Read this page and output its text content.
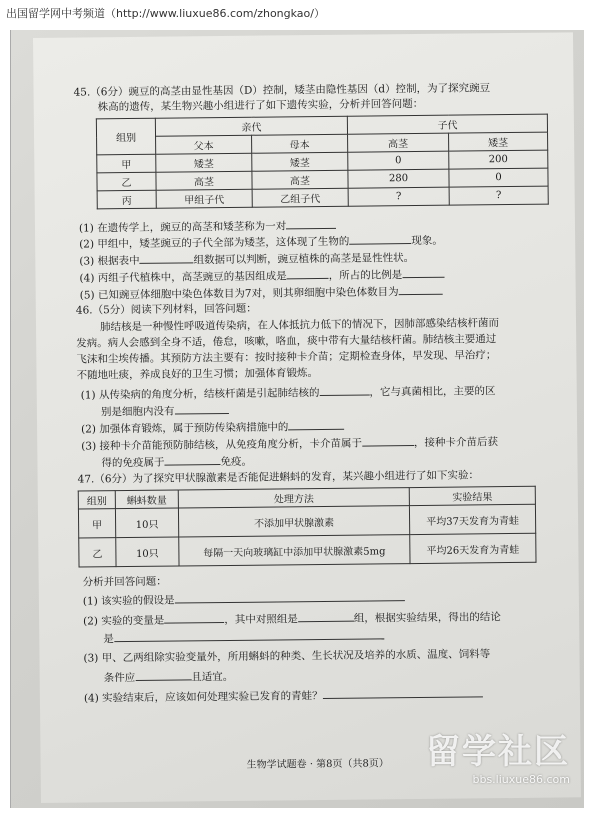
出国留学网中考频道（http://www.liuxue86.com/zhongkao/）
45.（6分）豌豆的高茎由显性基因（D）控制，矮茎由隐性基因（d）控制，为了探究豌豆
株高的遗传，某生物兴趣小组进行了如下遗传实验，分析并回答问题：
组别	亲代		子代	
	父本	母本	高茎	矮茎
甲	矮茎	矮茎	0	200
乙	高茎	高茎	280	0
丙	甲组子代	乙组子代	?	?
(1) 在遗传学上，豌豆的高茎和矮茎称为一对
(2) 甲组中，矮茎豌豆的子代全部为矮茎，这体现了生物的	现象。
(3) 根据表中	组数据可以判断，豌豆植株的高茎是显性性状。
(4) 丙组子代植株中，高茎豌豆的基因组成是	，所占的比例是
(5) 已知豌豆体细胞中染色体数目为7对，则其卵细胞中染色体数目为
46.（5分）阅读下列材料，回答问题：
肺结核是一种慢性呼吸道传染病，在人体抵抗力低下的情况下，因肺部感染结核杆菌而
发病。病人会感到全身不适，倦怠，咳嗽，咯血，痰中带有大量结核杆菌。肺结核主要通过
飞沫和尘埃传播。其预防方法主要有：按时接种卡介苗；定期检查身体，早发现、早治疗；
不随地吐痰，养成良好的卫生习惯；加强体育锻炼。
(1) 从传染病的角度分析，结核杆菌是引起肺结核的	，它与真菌相比，主要的区
别是细胞内没有
(2) 加强体育锻炼，属于预防传染病措施中的
(3) 接种卡介苗能预防肺结核，从免疫角度分析，卡介苗属于	，接种卡介苗后获
得的免疫属于	免疫。
47.（6分）为了探究甲状腺激素是否能促进蝌蚪的发育，某兴趣小组进行了如下实验：
组别	蝌蚪数量	处理方法	实验结果
甲	10只	不添加甲状腺激素	平均37天发育为青蛙
乙	10只	每隔一天向玻璃缸中添加甲状腺激素5mg	平均26天发育为青蛙
分析并回答问题：
(1) 该实验的假设是
(2) 实验的变量是	，其中对照组是	组，根据实验结果，得出的结论
是
(3) 甲、乙两组除实验变量外，所用蝌蚪的种类、生长状况及培养的水质、温度、饲料等
条件应	且适宜。
(4) 实验结束后，应该如何处理实验已发育的青蛙？
生物学试题卷 · 第8页（共8页） 留学社区
bbs.liuxue86.com
